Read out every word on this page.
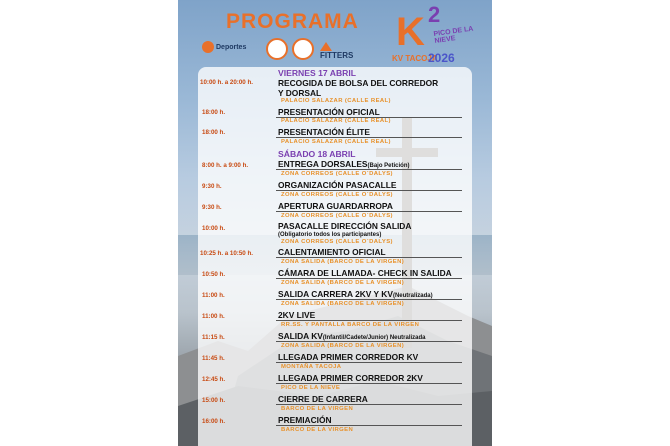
PROGRAMA
Deportes
FITTERS
K 2
PICO DE LA NIEVE
KV TACOJA
2026
VIERNES 17 ABRIL
10:00 h. a 20:00 h.	RECOGIDA DE BOLSA DEL CORREDOR
Y DORSAL
PALACIO SALAZAR (CALLE REAL)
18:00 h.	PRESENTACIÓN OFICIAL
PALACIO SALAZAR (CALLE REAL)
18:00 h.	PRESENTACIÓN ÉLITE
PALACIO SALAZAR (CALLE REAL)
SÁBADO 18 ABRIL
8:00 h. a 9:00 h.	ENTREGA DORSALES(Bajo Petición)
ZONA CORREOS (CALLE O´DALYS)
9:30 h.	ORGANIZACIÓN PASACALLE
ZONA CORREOS (CALLE O´DALYS)
9:30 h.	APERTURA GUARDARROPA
ZONA CORREOS (CALLE O´DALYS)
10:00 h.	PASACALLE DIRECCIÓN SALIDA
(Obligatorio todos los participantes)
ZONA CORREOS (CALLE O´DALYS)
10:25 h. a 10:50 h.	CALENTAMIENTO OFICIAL
ZONA SALIDA (BARCO DE LA VIRGEN)
10:50 h.	CÁMARA DE LLAMADA- CHECK IN SALIDA
ZONA SALIDA (BARCO DE LA VIRGEN)
11:00 h.	SALIDA CARRERA 2KV Y KV(Neutralizada)
ZONA SALIDA (BARCO DE LA VIRGEN)
11:00 h.	2KV LIVE
RR.SS. Y PANTALLA BARCO DE LA VIRGEN
11:15 h.	SALIDA KV(Infantil/Cadete/Junior) Neutralizada
ZONA SALIDA (BARCO DE LA VIRGEN)
11:45 h.	LLEGADA PRIMER CORREDOR KV
MONTAÑA TACOJA
12:45 h.	LLEGADA PRIMER CORREDOR 2KV
PICO DE LA NIEVE
15:00 h.	CIERRE DE CARRERA
BARCO DE LA VIRGEN
16:00 h.	PREMIACIÓN
BARCO DE LA VIRGEN
